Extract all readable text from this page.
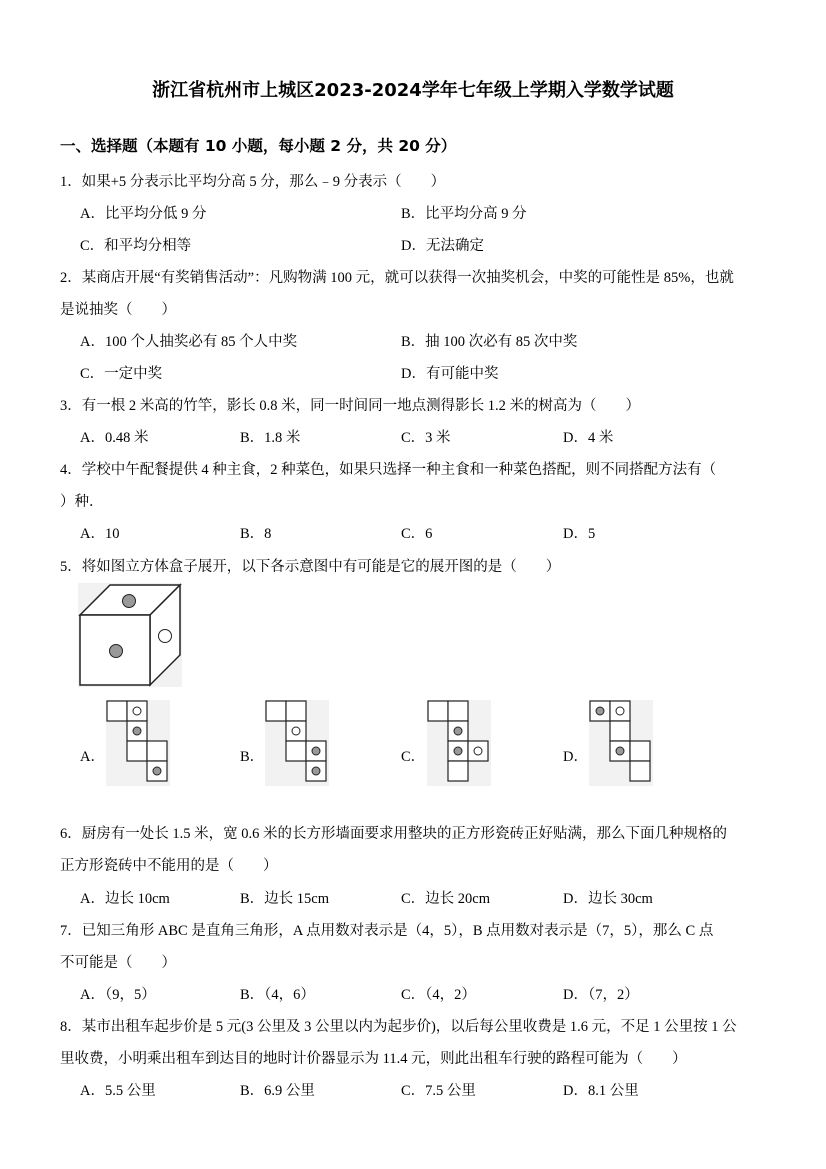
浙江省杭州市上城区2023-2024学年七年级上学期入学数学试题
一、选择题（本题有 10 小题，每小题 2 分，共 20 分）
1．如果+5 分表示比平均分高 5 分，那么﹣9 分表示（　　）
A．比平均分低 9 分	B．比平均分高 9 分
C．和平均分相等	D．无法确定
2．某商店开展“有奖销售活动”：凡购物满 100 元，就可以获得一次抽奖机会，中奖的可能性是 85%，也就
是说抽奖（　　）
A．100 个人抽奖必有 85 个人中奖	B．抽 100 次必有 85 次中奖
C．一定中奖	D．有可能中奖
3．有一根 2 米高的竹竿，影长 0.8 米，同一时间同一地点测得影长 1.2 米的树高为（　　）
A．0.48 米	B．1.8 米	C．3 米	D．4 米
4．学校中午配餐提供 4 种主食，2 种菜色，如果只选择一种主食和一种菜色搭配，则不同搭配方法有（
）种．
A．10	B．8	C．6	D．5
5．将如图立方体盒子展开，以下各示意图中有可能是它的展开图的是（　　）
A．	B．	C．	D．
6．厨房有一处长 1.5 米，宽 0.6 米的长方形墙面要求用整块的正方形瓷砖正好贴满，那么下面几种规格的
正方形瓷砖中不能用的是（　　）
A．边长 10cm	B．边长 15cm	C．边长 20cm	D．边长 30cm
7．已知三角形 ABC 是直角三角形，A 点用数对表示是（4，5），B 点用数对表示是（7，5），那么 C 点
不可能是（　　）
A．（9，5）	B．（4，6）	C．（4，2）	D．（7，2）
8．某市出租车起步价是 5 元(3 公里及 3 公里以内为起步价)，以后每公里收费是 1.6 元，不足 1 公里按 1 公
里收费，小明乘出租车到达目的地时计价器显示为 11.4 元，则此出租车行驶的路程可能为（　　）
A．5.5 公里	B．6.9 公里	C．7.5 公里	D．8.1 公里
